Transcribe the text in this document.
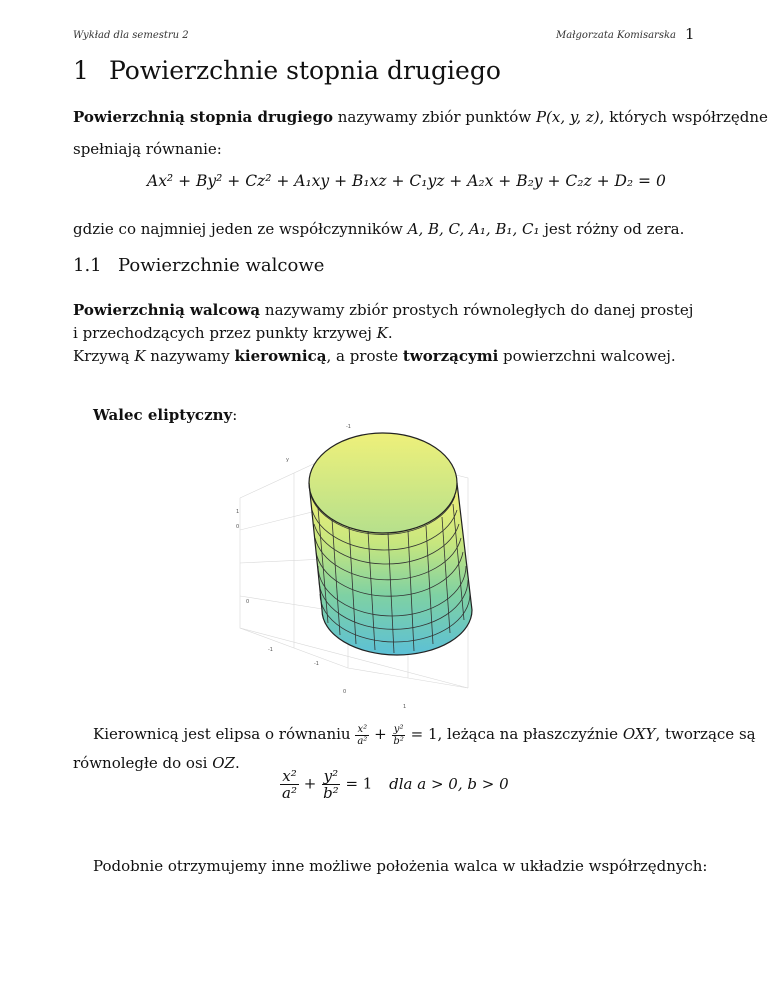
Wykład dla semestru 2	Małgorzata Komisarska 1
1 Powierzchnie stopnia drugiego
Powierzchnią stopnia drugiego nazywamy zbiór punktów P(x, y, z), których współrzędne
spełniają równanie:
Ax² + By² + Cz² + A₁xy + B₁xz + C₁yz + A₂x + B₂y + C₂z + D₂ = 0
gdzie co najmniej jeden ze współczynników A, B, C, A₁, B₁, C₁ jest różny od zera.
1.1 Powierzchnie walcowe
Powierzchnią walcową nazywamy zbiór prostych równoległych do danej prostej
i przechodzących przez punkty krzywej K.
Krzywą K nazywamy kierownicą, a proste tworzącymi powierzchni walcowej.
Walec eliptyczny:
-1
y
1
0
0
-1
-1
0
1
Kierownicą jest elipsa o równaniu $\frac{\text{x²}}{\text{a²}} + \frac{\text{y²}}{\text{b²}} = 1$, leżąca na płaszczyźnie OXY, tworzące są
równoległe do osi OZ.
$\frac{\text{x²}}{\text{a²}} + \frac{\text{y²}}{\text{b²}} = 1$ dla a > 0, b > 0
Podobnie otrzymujemy inne możliwe położenia walca w układzie współrzędnych:
